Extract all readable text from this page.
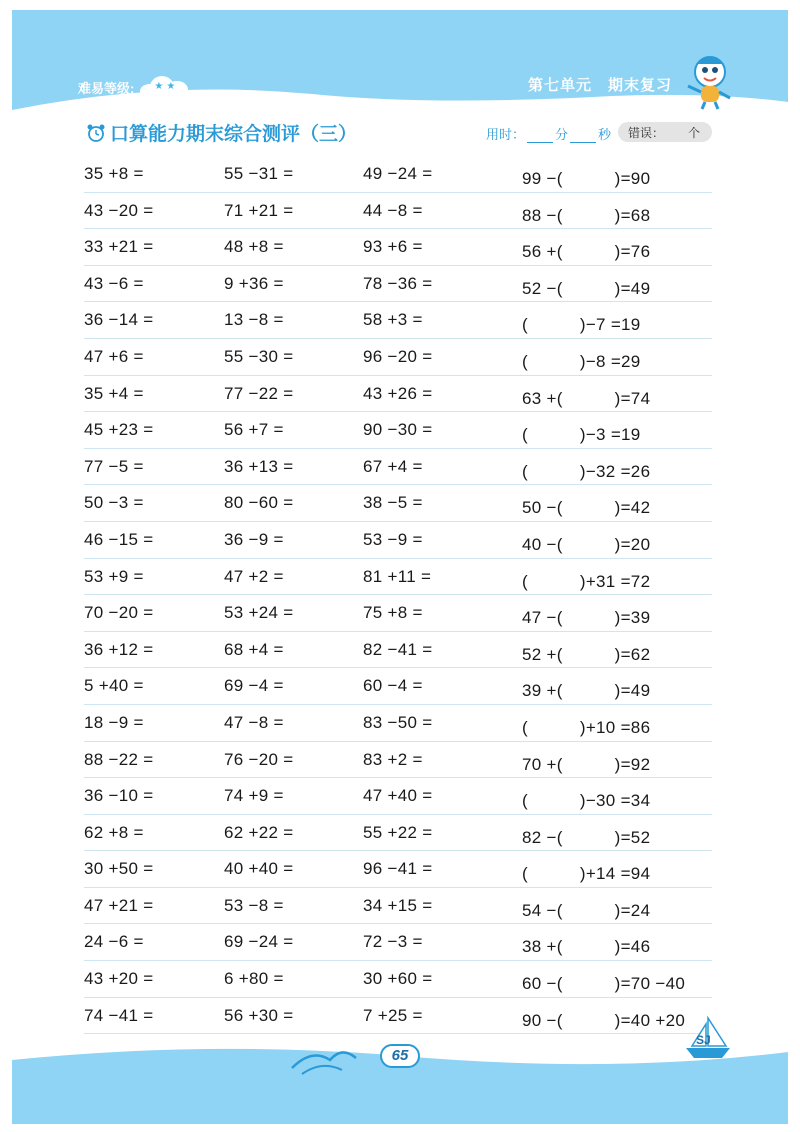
难易等级: ★ ★	第七单元　期末复习
口算能力期末综合测评（三）	用时： 分 秒 错误： 个
35 +8 =	55 −31 =	49 −24 =	99 −(　　　)=90
43 −20 =	71 +21 =	44 −8 =	88 −(　　　)=68
33 +21 =	48 +8 =	93 +6 =	56 +(　　　)=76
43 −6 =	9 +36 =	78 −36 =	52 −(　　　)=49
36 −14 =	13 −8 =	58 +3 =	(　　　)−7 =19
47 +6 =	55 −30 =	96 −20 =	(　　　)−8 =29
35 +4 =	77 −22 =	43 +26 =	63 +(　　　)=74
45 +23 =	56 +7 =	90 −30 =	(　　　)−3 =19
77 −5 =	36 +13 =	67 +4 =	(　　　)−32 =26
50 −3 =	80 −60 =	38 −5 =	50 −(　　　)=42
46 −15 =	36 −9 =	53 −9 =	40 −(　　　)=20
53 +9 =	47 +2 =	81 +11 =	(　　　)+31 =72
70 −20 =	53 +24 =	75 +8 =	47 −(　　　)=39
36 +12 =	68 +4 =	82 −41 =	52 +(　　　)=62
5 +40 =	69 −4 =	60 −4 =	39 +(　　　)=49
18 −9 =	47 −8 =	83 −50 =	(　　　)+10 =86
88 −22 =	76 −20 =	83 +2 =	70 +(　　　)=92
36 −10 =	74 +9 =	47 +40 =	(　　　)−30 =34
62 +8 =	62 +22 =	55 +22 =	82 −(　　　)=52
30 +50 =	40 +40 =	96 −41 =	(　　　)+14 =94
47 +21 =	53 −8 =	34 +15 =	54 −(　　　)=24
24 −6 =	69 −24 =	72 −3 =	38 +(　　　)=46
43 +20 =	6 +80 =	30 +60 =	60 −(　　　)=70 −40
74 −41 =	56 +30 =	7 +25 =	90 −(　　　)=40 +20
65
SJ
